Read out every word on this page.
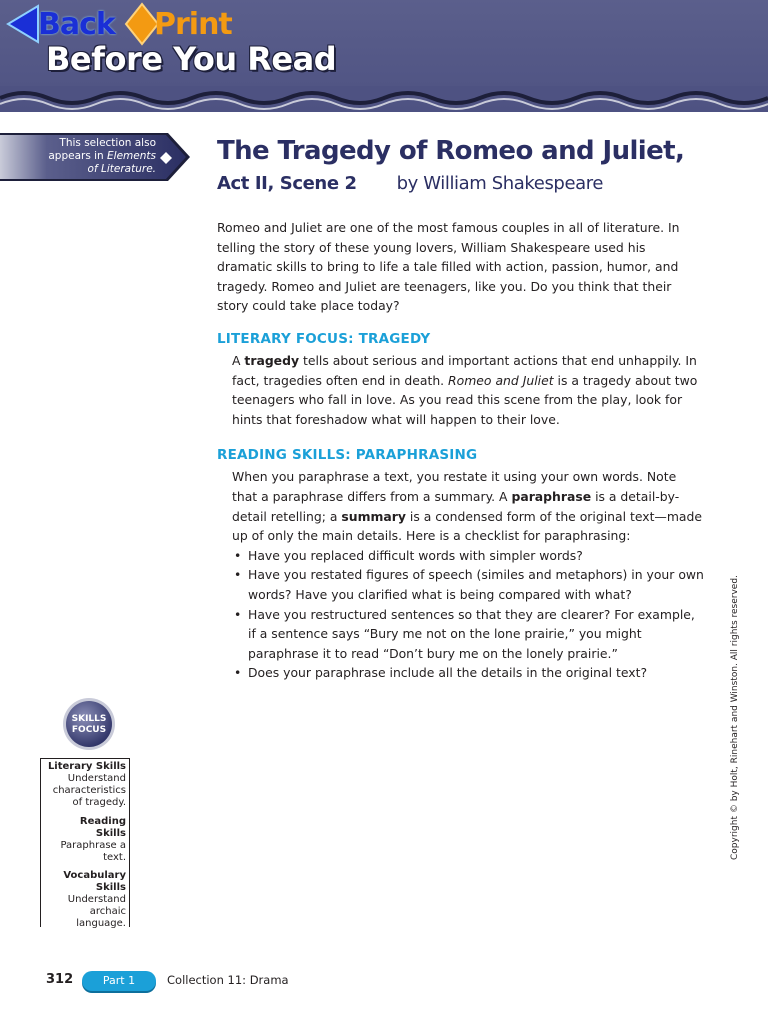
Back Print
Before You Read
This selection also
appears in Elements
of Literature.
The Tragedy of Romeo and Juliet,
Act II, Scene 2 by William Shakespeare

Romeo and Juliet are one of the most famous couples in all of literature. In telling the story of these young lovers, William Shakespeare used his dramatic skills to bring to life a tale filled with action, passion, humor, and tragedy. Romeo and Juliet are teenagers, like you. Do you think that their story could take place today?

LITERARY FOCUS: TRAGEDY

A tragedy tells about serious and important actions that end unhappily. In fact, tragedies often end in death. Romeo and Juliet is a tragedy about two teenagers who fall in love. As you read this scene from the play, look for hints that foreshadow what will happen to their love.

READING SKILLS: PARAPHRASING

When you paraphrase a text, you restate it using your own words. Note that a paraphrase differs from a summary. A paraphrase is a detail-by-detail retelling; a summary is a condensed form of the original text—made up of only the main details. Here is a checklist for paraphrasing:

• Have you replaced difficult words with simpler words?
• Have you restated figures of speech (similes and metaphors) in your own words? Have you clarified what is being compared with what?
• Have you restructured sentences so that they are clearer? For example, if a sentence says “Bury me not on the lone prairie,” you might paraphrase it to read “Don’t bury me on the lonely prairie.”
• Does your paraphrase include all the details in the original text?
SKILLS
FOCUS
Literary Skills
Understand characteristics of tragedy.
Reading Skills
Paraphrase a text.
Vocabulary Skills
Understand archaic language.
Copyright © by Holt, Rinehart and Winston. All rights reserved.
312	Part 1	Collection 11: Drama
